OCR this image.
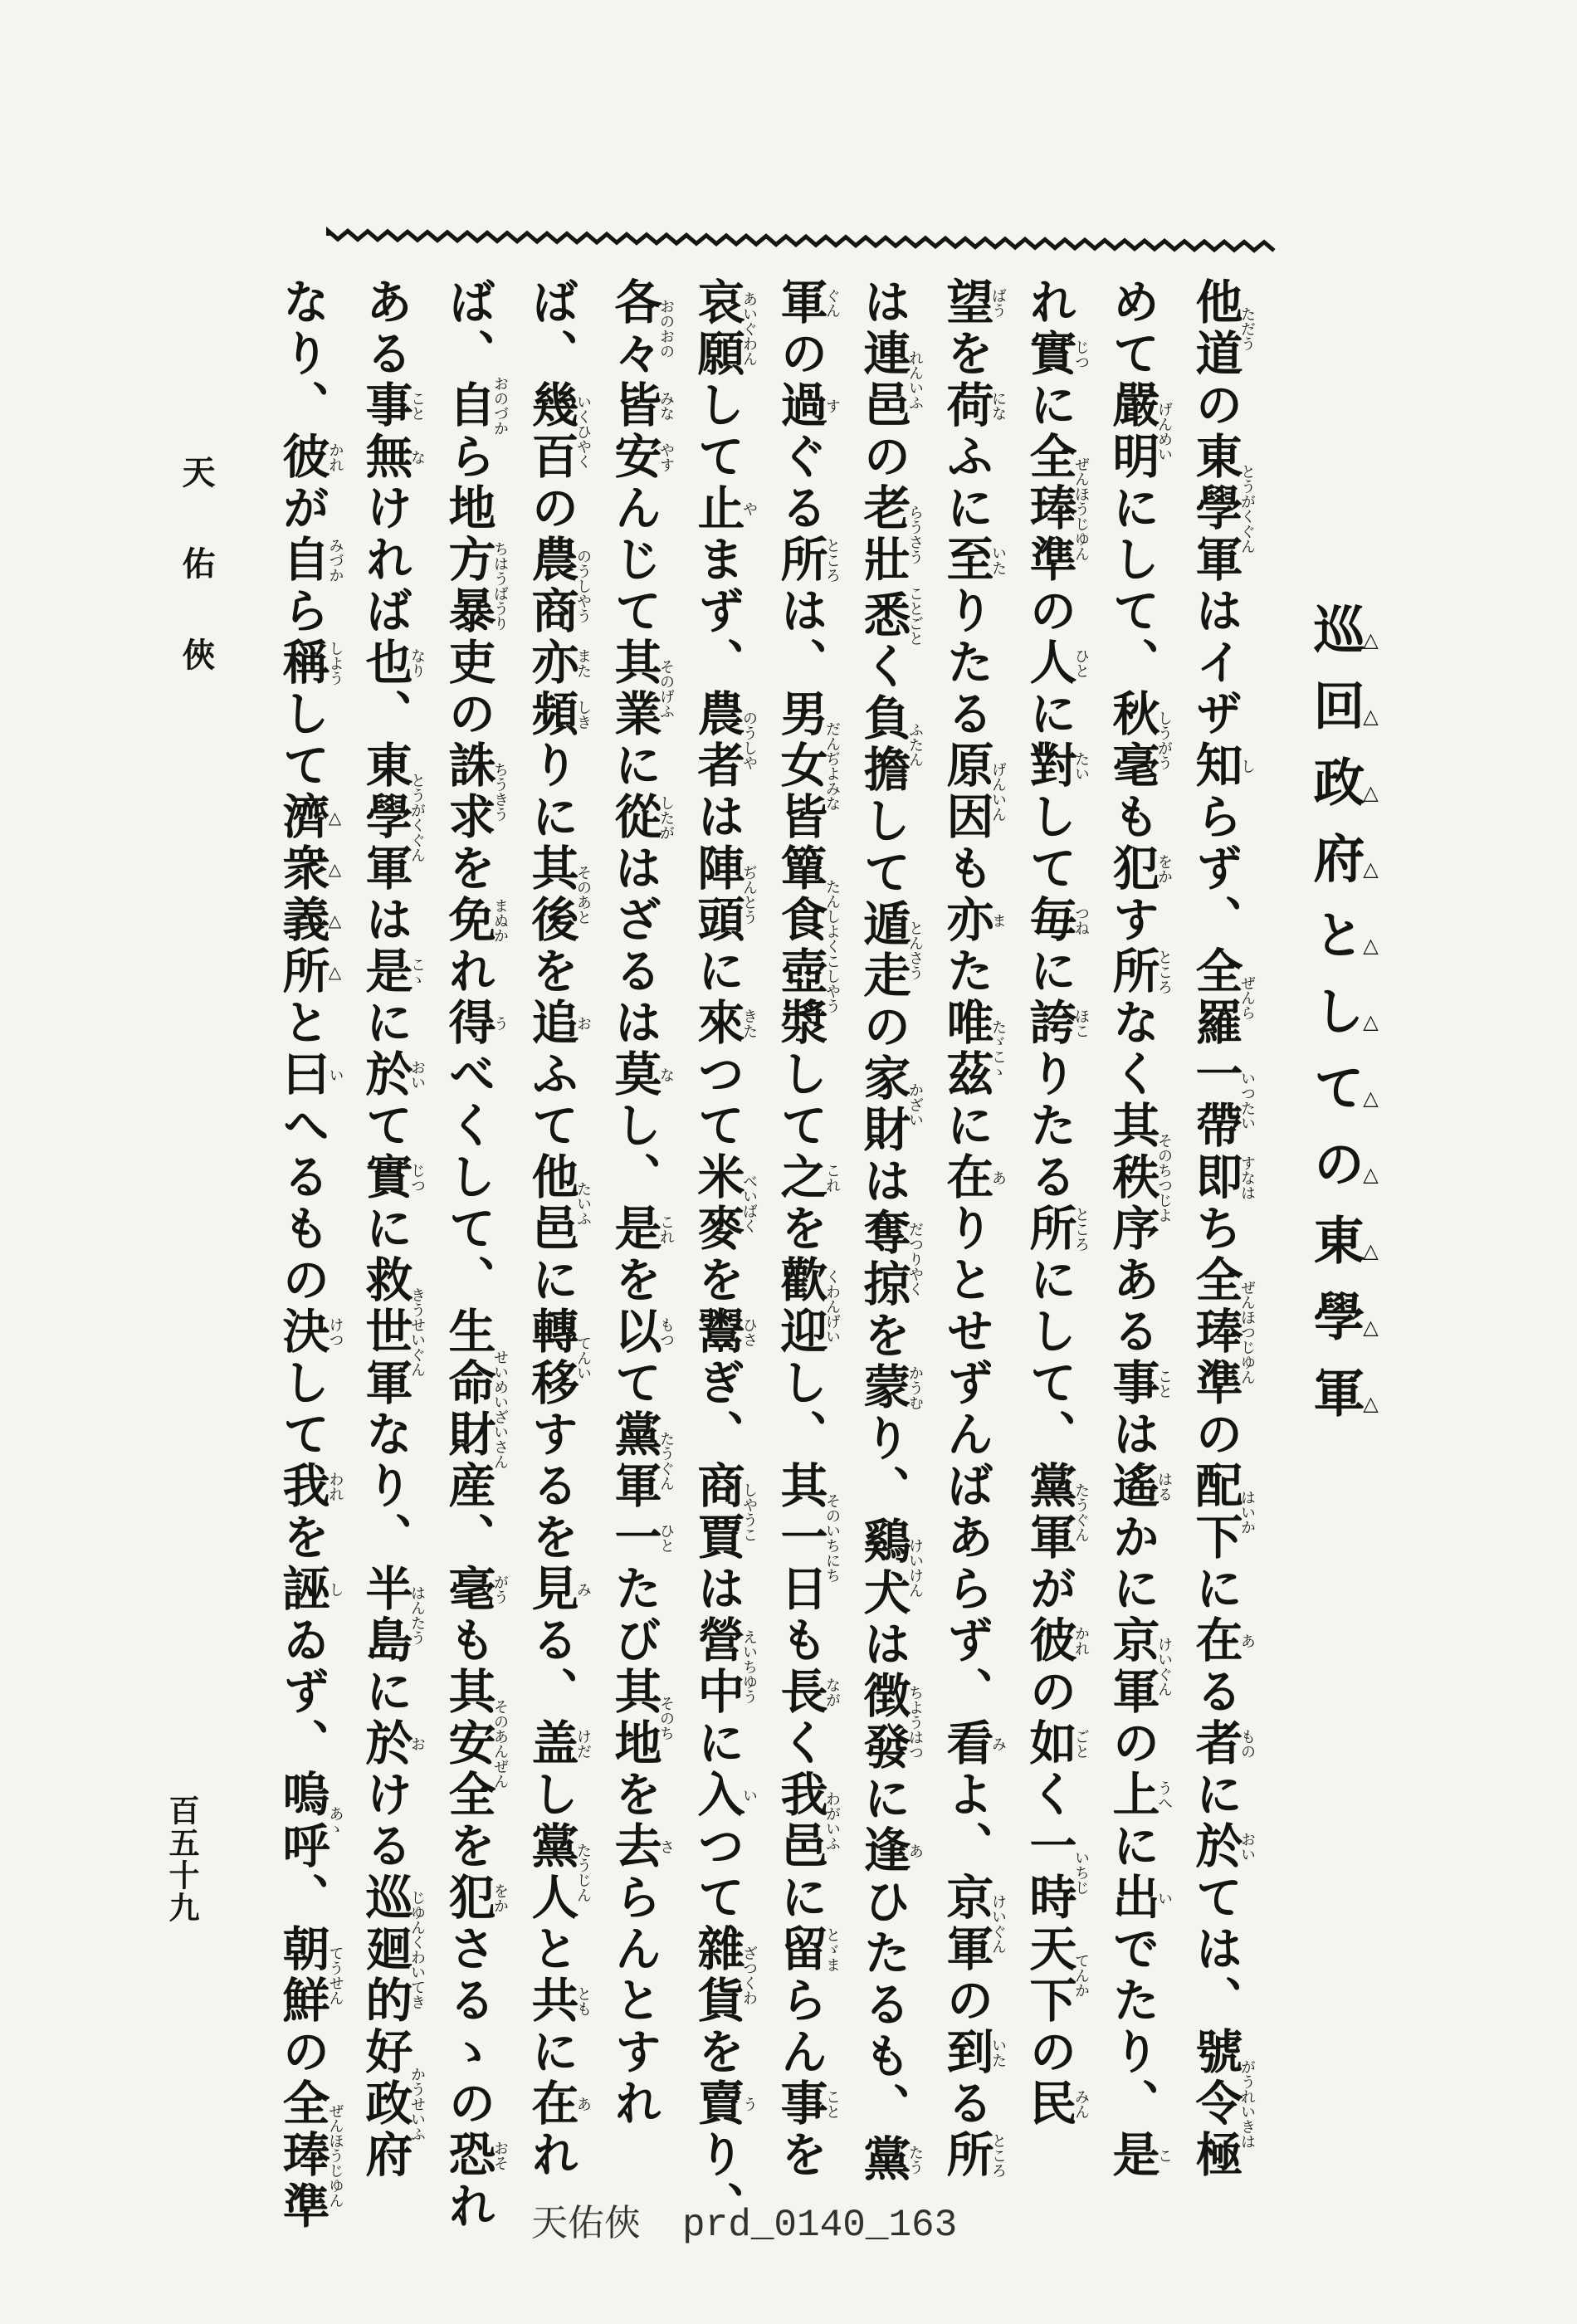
巡△回△政△府△と△し△て△の△東△學△軍△
他道ただうの東學軍とうがくぐんはイザ知しらず、全羅ぜんら一帶いつたい即すなはち全琫準ぜんほつじゆんの配下はいかに在ある者ものに於おいては、號令極がうれいきは
めて嚴明げんめいにして、秋毫しうがうも犯をかす所ところなく其秩序そのちつじよある事ことは遙はるかに京軍けいぐんの上うへに出いでたり、是こ
れ實じつに全琫準ぜんほうじゆんの人ひとに對たいして毎つねに誇ほこりたる所ところにして、黨軍たうぐんが彼かれの如ごとく一時いちじ天下てんかの民みん
望ばうを荷になふに至いたりたる原因げんいんも亦また唯茲たゞこゝに在ありとせずんばあらず、看みよ、京軍けいぐんの到いたる所ところ
は連邑れんいふの老壯らうさう悉ことごとく負擔ふたんして遁走とんさうの家財かざいは奪掠だつりやくを蒙かうむり、鷄犬けいけんは徴發ちようはつに逢あひたるも、黨たう
軍ぐんの過すぐる所ところは、男女皆だんぢよみな簞食壺漿たんしよくこしやうして之これを歡迎くわんげいし、其一日そのいちにちも長ながく我邑わがいふに留とゞまらん事ことを
哀願あいぐわんして止やまず、農者のうしやは陣頭ぢんとうに來きたつて米麥べいばくを鬻ひさぎ、商賈しやうこは營中えいちゆうに入いつて雜貨ざつくわを賣うり、
各々おのおの皆みな安やすんじて其業そのげふに從したがはざるは莫なし、是これを以もつて黨軍たうぐん一ひとたび其地そのちを去さらんとすれ
ば、幾百いくひやくの農商のうしやう亦また頻しきりに其後そのあとを追おふて他邑たいふに轉移てんいするを見みる、盖けだし黨人たうじんと共ともに在あれ
ば、自おのづから地方暴吏ちはうばうりの誅求ちうきうを免まぬかれ得うべくして、生命財産せいめいざいさん、毫がうも其安全そのあんぜんを犯をかさるゝの恐おそれ
ある事こと無なければ也なり、東學軍とうがくぐんは是こゝに於おいて實じつに救世軍きうせいぐんなり、半島はんたうに於おける巡廻的じゆんくわいてき好政府かうせいふ
なり、彼かれが自みづから稱しようして濟△衆△義△所△と曰いへるもの決けつして我われを誣しゐず、嗚呼あゝ、朝鮮てうせんの全琫準ぜんほうじゆん
天佑俠
百五十九
天佑俠 prd_0140_163
